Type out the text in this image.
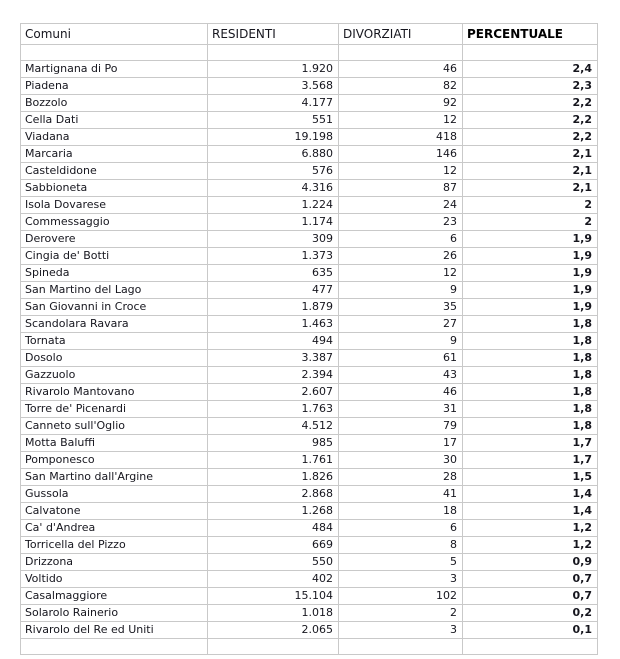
Comuni	RESIDENTI	DIVORZIATI	PERCENTUALE

Martignana di Po	1.920	46	2,4
Piadena	3.568	82	2,3
Bozzolo	4.177	92	2,2
Cella Dati	551	12	2,2
Viadana	19.198	418	2,2
Marcaria	6.880	146	2,1
Casteldidone	576	12	2,1
Sabbioneta	4.316	87	2,1
Isola Dovarese	1.224	24	2
Commessaggio	1.174	23	2
Derovere	309	6	1,9
Cingia de' Botti	1.373	26	1,9
Spineda	635	12	1,9
San Martino del Lago	477	9	1,9
San Giovanni in Croce	1.879	35	1,9
Scandolara Ravara	1.463	27	1,8
Tornata	494	9	1,8
Dosolo	3.387	61	1,8
Gazzuolo	2.394	43	1,8
Rivarolo Mantovano	2.607	46	1,8
Torre de' Picenardi	1.763	31	1,8
Canneto sull'Oglio	4.512	79	1,8
Motta Baluffi	985	17	1,7
Pomponesco	1.761	30	1,7
San Martino dall'Argine	1.826	28	1,5
Gussola	2.868	41	1,4
Calvatone	1.268	18	1,4
Ca' d'Andrea	484	6	1,2
Torricella del Pizzo	669	8	1,2
Drizzona	550	5	0,9
Voltido	402	3	0,7
Casalmaggiore	15.104	102	0,7
Solarolo Rainerio	1.018	2	0,2
Rivarolo del Re ed Uniti	2.065	3	0,1
